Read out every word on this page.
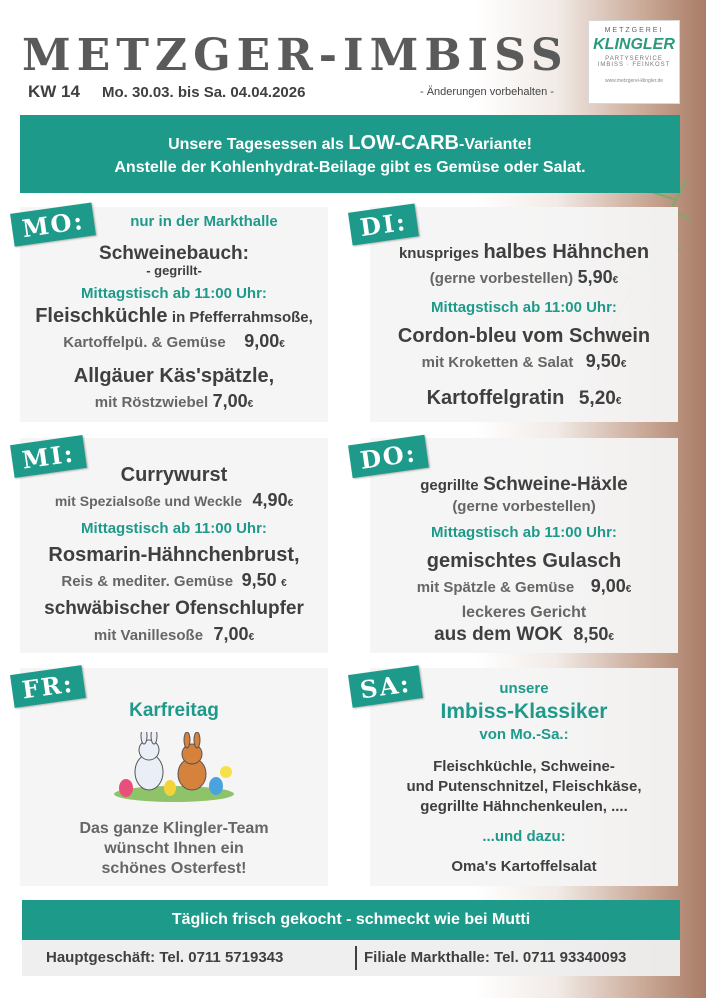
METZGER-IMBISS
KW 14 Mo. 30.03. bis Sa. 04.04.2026	- Änderungen vorbehalten -
METZGEREI
KLINGLER
PARTYSERVICE
IMBISS · FEINKOST
www.metzgerei-klingler.de
Unsere Tagesessen als LOW-CARB-Variante!
Anstelle der Kohlenhydrat-Beilage gibt es Gemüse oder Salat.
nur in der Markthalle
Schweinebauch:
- gegrillt-
Mittagstisch ab 11:00 Uhr:
Fleischküchle in Pfefferrahmsoße,
Kartoffelpü. & Gemüse 9,00€
Allgäuer Käs'spätzle,
mit Röstzwiebel 7,00€
MO:
knuspriges halbes Hähnchen
(gerne vorbestellen) 5,90€
Mittagstisch ab 11:00 Uhr:
Cordon-bleu vom Schwein
mit Kroketten & Salat 9,50€
Kartoffelgratin 5,20€
DI:
Currywurst
mit Spezialsoße und Weckle 4,90€
Mittagstisch ab 11:00 Uhr:
Rosmarin-Hähnchenbrust,
Reis & mediter. Gemüse 9,50 €
schwäbischer Ofenschlupfer
mit Vanillesoße 7,00€
MI:
gegrillte Schweine-Häxle
(gerne vorbestellen)
Mittagstisch ab 11:00 Uhr:
gemischtes Gulasch
mit Spätzle & Gemüse 9,00€
leckeres Gericht
aus dem WOK 8,50€
DO:
Karfreitag
Das ganze Klingler-Team
wünscht Ihnen ein
schönes Osterfest!
FR:	unsere
Imbiss-Klassiker
von Mo.-Sa.:
Fleischküchle, Schweine-
und Putenschnitzel, Fleischkäse,
gegrillte Hähnchenkeulen, ....
...und dazu:
Oma's Kartoffelsalat
SA:
Täglich frisch gekocht - schmeckt wie bei Mutti
Hauptgeschäft: Tel. 0711 5719343	Filiale Markthalle: Tel. 0711 93340093
